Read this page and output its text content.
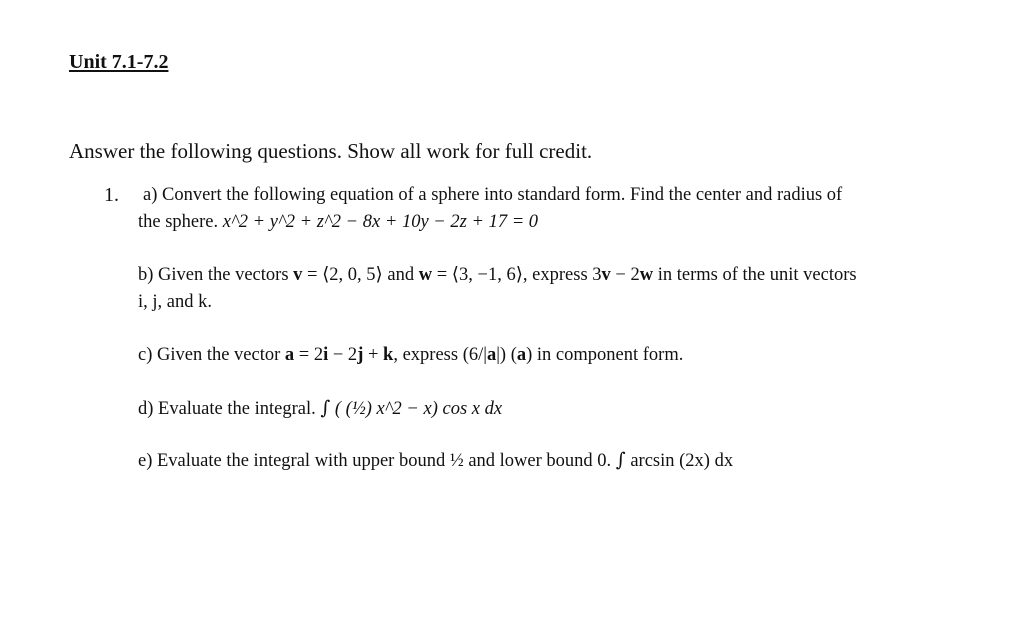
Unit 7.1-7.2
Answer the following questions. Show all work for full credit.
1. a) Convert the following equation of a sphere into standard form. Find the center and radius of
the sphere. x^2 + y^2 + z^2 − 8x + 10y − 2z + 17 = 0
b) Given the vectors v = ⟨2, 0, 5⟩ and w = ⟨3, −1, 6⟩, express 3v − 2w in terms of the unit vectors
i, j, and k.
c) Given the vector a = 2i − 2j + k, express (6/|a|) (a) in component form.
d) Evaluate the integral. ∫ ( (½) x^2 − x) cos x dx
e) Evaluate the integral with upper bound ½ and lower bound 0. ∫ arcsin (2x) dx
